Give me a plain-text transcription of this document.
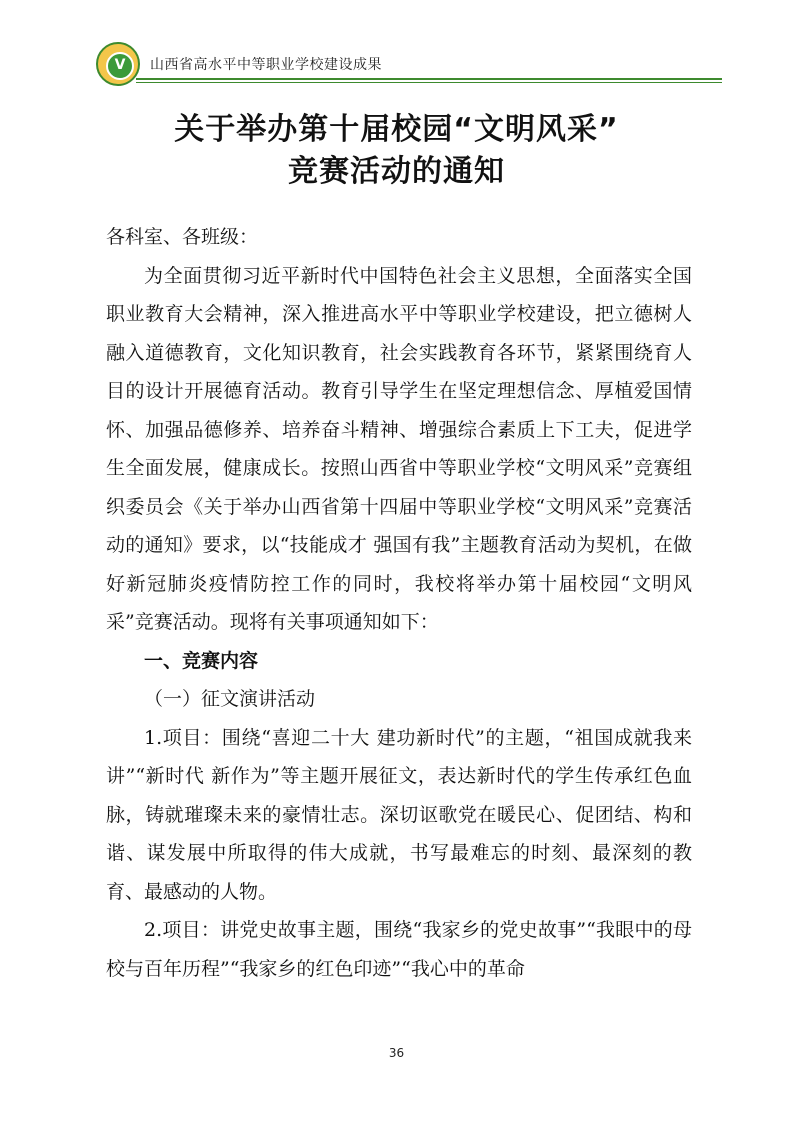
V	山西省高水平中等职业学校建设成果
关于举办第十届校园“文明风采”
竞赛活动的通知

各科室、各班级：

为全面贯彻习近平新时代中国特色社会主义思想，全面落实全国职业教育大会精神，深入推进高水平中等职业学校建设，把立德树人融入道德教育，文化知识教育，社会实践教育各环节，紧紧围绕育人目的设计开展德育活动。教育引导学生在坚定理想信念、厚植爱国情怀、加强品德修养、培养奋斗精神、增强综合素质上下工夫，促进学生全面发展，健康成长。按照山西省中等职业学校“文明风采”竞赛组织委员会《关于举办山西省第十四届中等职业学校“文明风采”竞赛活动的通知》要求，以“技能成才 强国有我”主题教育活动为契机，在做好新冠肺炎疫情防控工作的同时，我校将举办第十届校园“文明风采”竞赛活动。现将有关事项通知如下：

一、竞赛内容

（一）征文演讲活动

1.项目：围绕“喜迎二十大 建功新时代”的主题，“祖国成就我来讲”“新时代 新作为”等主题开展征文，表达新时代的学生传承红色血脉，铸就璀璨未来的豪情壮志。深切讴歌党在暖民心、促团结、构和谐、谋发展中所取得的伟大成就，书写最难忘的时刻、最深刻的教育、最感动的人物。

2.项目：讲党史故事主题，围绕“我家乡的党史故事”“我眼中的母校与百年历程”“我家乡的红色印迹”“我心中的革命

36
